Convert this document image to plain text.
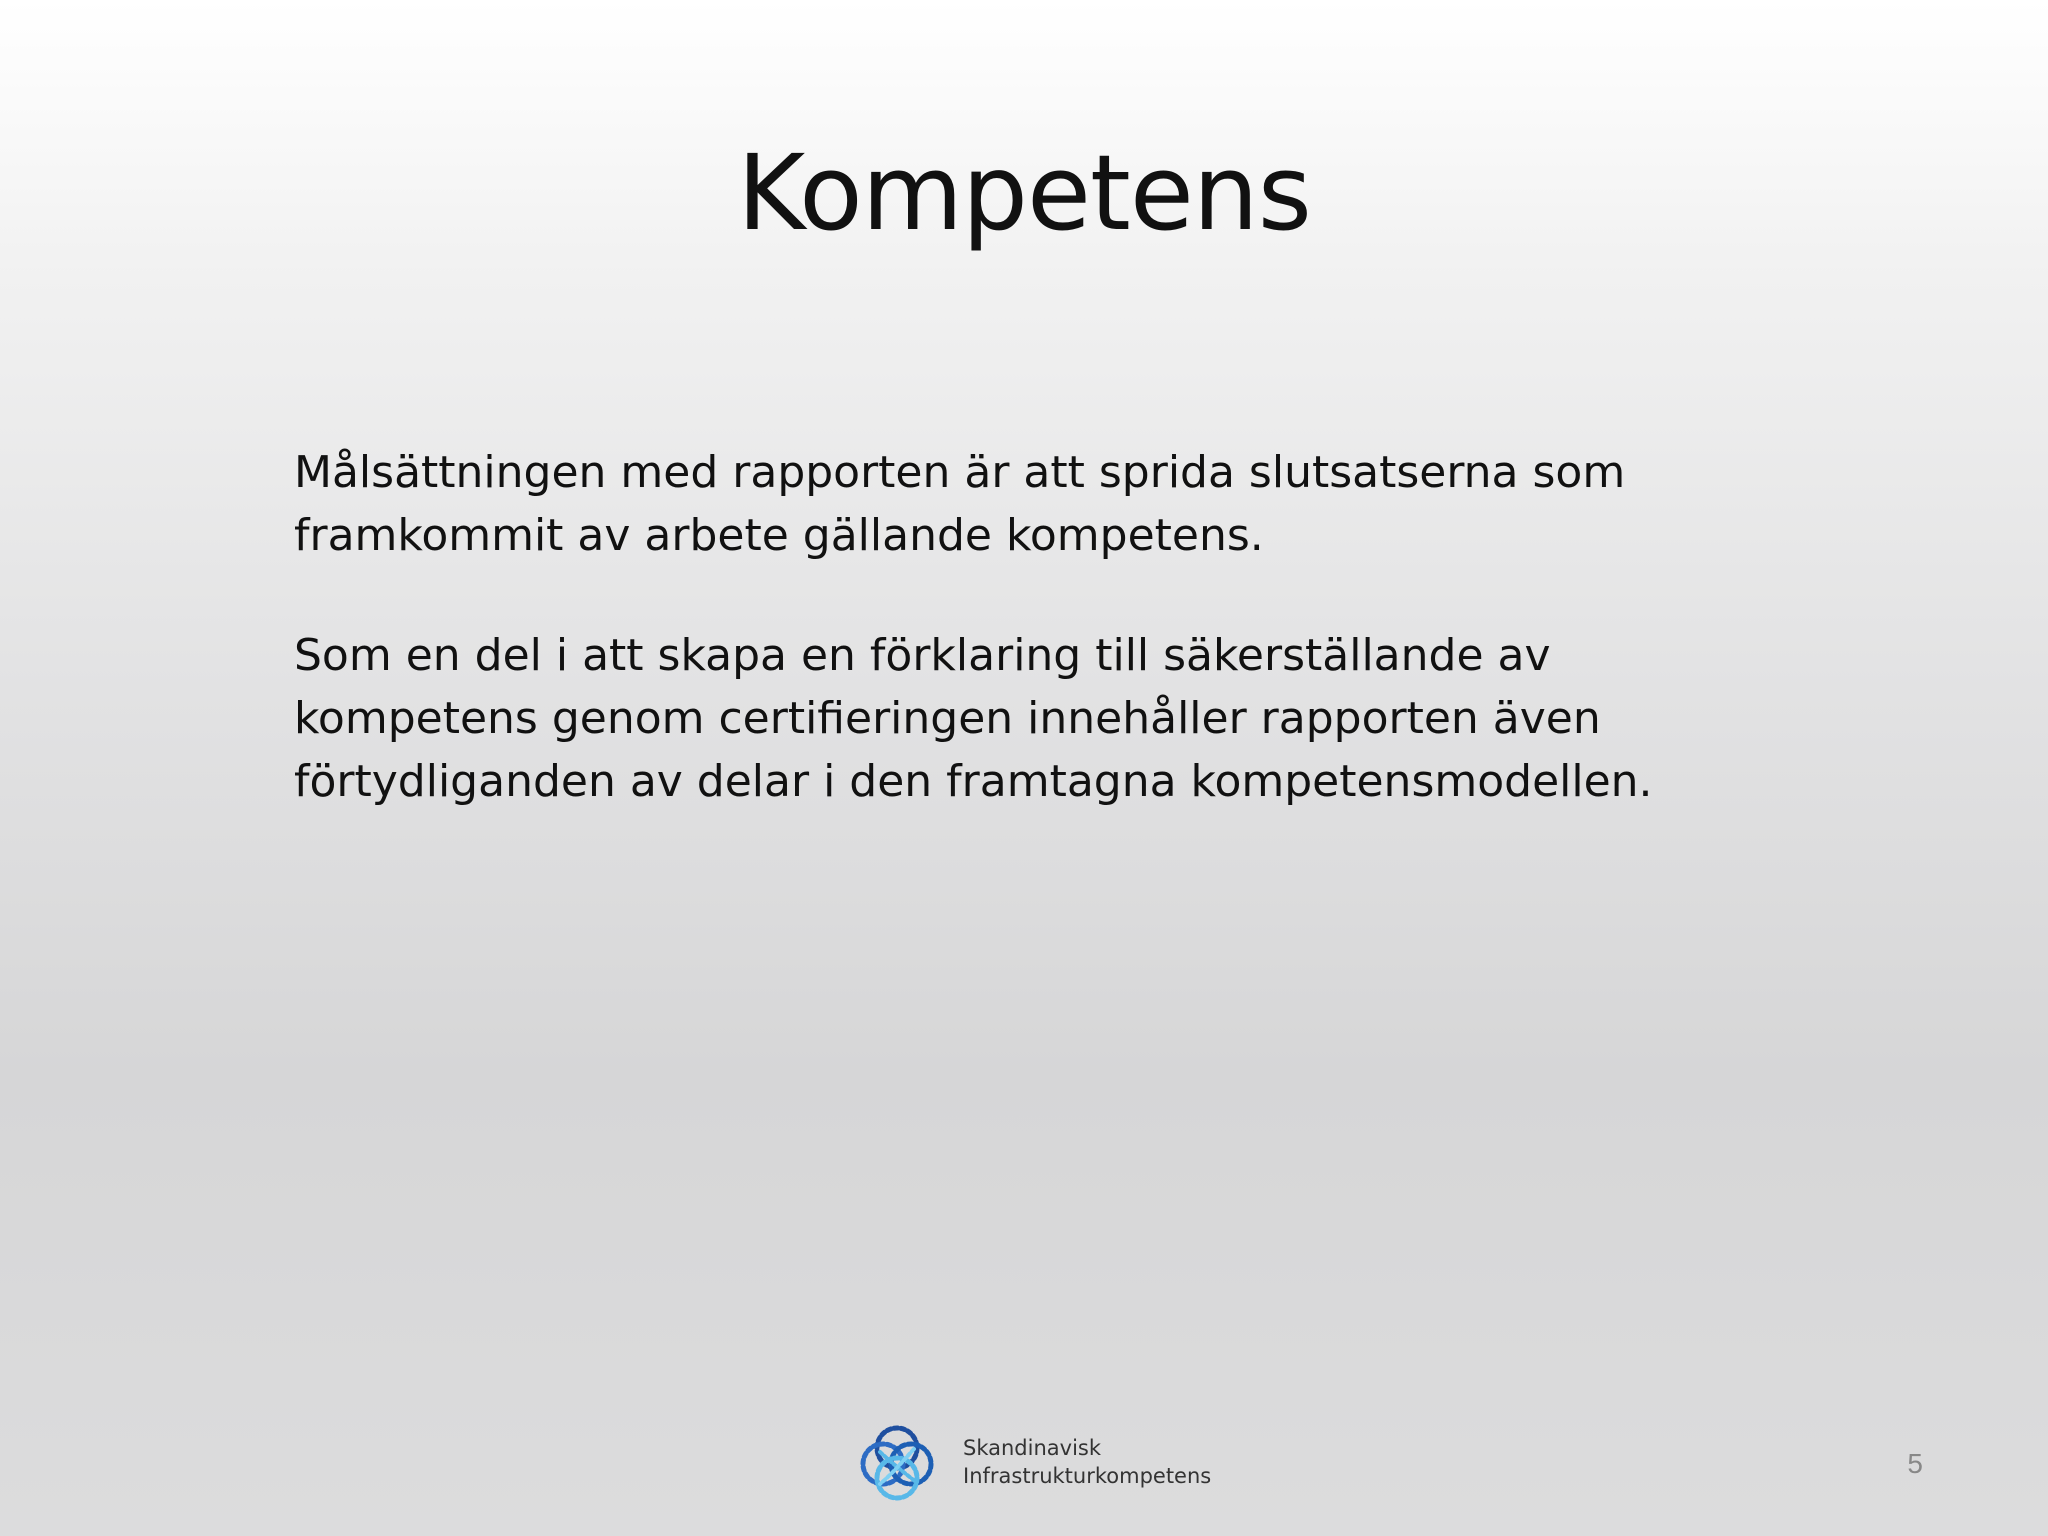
Kompetens

Målsättningen med rapporten är att sprida slutsatserna som framkommit av arbete gällande kompetens.

Som en del i att skapa en förklaring till säkerställande av kompetens genom certifieringen innehåller rapporten även förtydliganden av delar i den framtagna kompetensmodellen.

Skandinavisk
Infrastrukturkompetens	5
